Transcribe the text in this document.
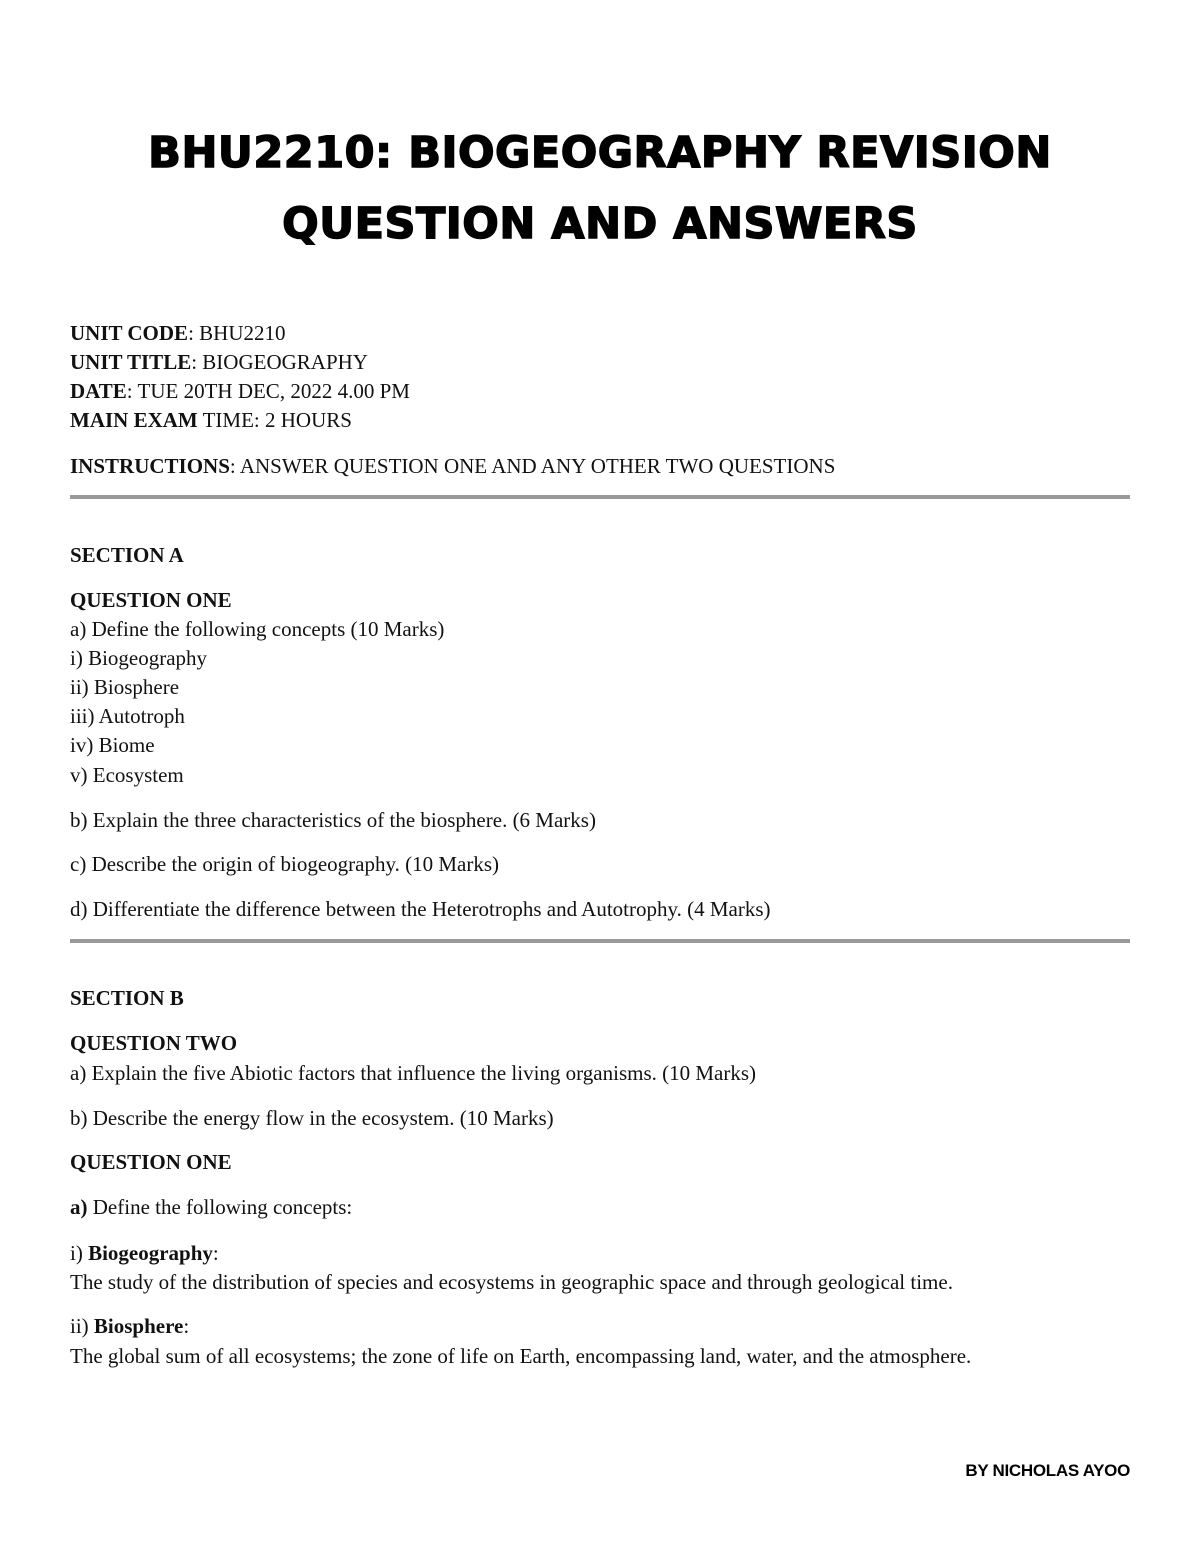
BHU2210: BIOGEOGRAPHY REVISION
QUESTION AND ANSWERS
UNIT CODE: BHU2210
UNIT TITLE: BIOGEOGRAPHY
DATE: TUE 20TH DEC, 2022 4.00 PM
MAIN EXAM TIME: 2 HOURS
INSTRUCTIONS: ANSWER QUESTION ONE AND ANY OTHER TWO QUESTIONS
SECTION A
QUESTION ONE
a) Define the following concepts (10 Marks)
i) Biogeography
ii) Biosphere
iii) Autotroph
iv) Biome
v) Ecosystem
b) Explain the three characteristics of the biosphere. (6 Marks)
c) Describe the origin of biogeography. (10 Marks)
d) Differentiate the difference between the Heterotrophs and Autotrophy. (4 Marks)
SECTION B
QUESTION TWO
a) Explain the five Abiotic factors that influence the living organisms. (10 Marks)
b) Describe the energy flow in the ecosystem. (10 Marks)
QUESTION ONE
a) Define the following concepts:
i) Biogeography:
The study of the distribution of species and ecosystems in geographic space and through geological time.
ii) Biosphere:
The global sum of all ecosystems; the zone of life on Earth, encompassing land, water, and the atmosphere.
BY NICHOLAS AYOO
